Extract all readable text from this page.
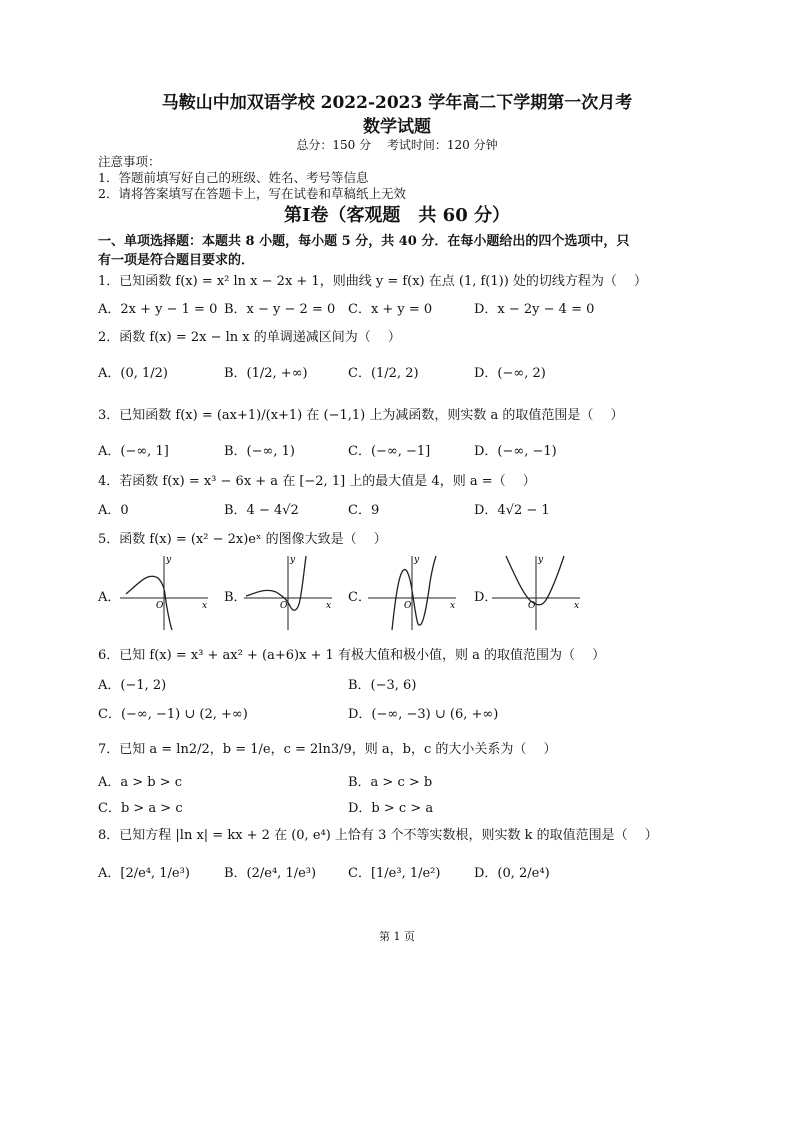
马鞍山中加双语学校 2022-2023 学年高二下学期第一次月考
数学试题
总分：150 分　 考试时间：120 分钟
注意事项：
1．答题前填写好自己的班级、姓名、考号等信息
2．请将答案填写在答题卡上，写在试卷和草稿纸上无效
第I卷（客观题　共 60 分）
一、单项选择题：本题共 8 小题，每小题 5 分，共 40 分．在每小题给出的四个选项中，只
有一项是符合题目要求的．
1．已知函数 f(x) = x² ln x − 2x + 1，则曲线 y = f(x) 在点 (1, f(1)) 处的切线方程为（　 ）
A．2x + y − 1 = 0 B．x − y − 2 = 0 C．x + y = 0	D．x − 2y − 4 = 0
2．函数 f(x) = 2x − ln x 的单调递减区间为（　 ）
A．(0, 1/2)	B．(1/2, +∞)	C．(1/2, 2)	D．(−∞, 2)
3．已知函数 f(x) = (ax+1)/(x+1) 在 (−1,1) 上为减函数，则实数 a 的取值范围是（　 ）
A．(−∞, 1]	B．(−∞, 1)	C．(−∞, −1]	D．(−∞, −1)
4．若函数 f(x) = x³ − 6x + a 在 [−2, 1] 上的最大值是 4，则 a =（　 ）
A．0	B．4 − 4√2	C．9	D．4√2 − 1
5．函数 f(x) = (x² − 2x)eˣ 的图像大致是（　 ）
A．	B．	C．	D．
y
x
O
y
x
O
y
x
O
y
x
O
6．已知 f(x) = x³ + ax² + (a+6)x + 1 有极大值和极小值，则 a 的取值范围为（　 ）
A．(−1, 2)	B．(−3, 6)
C．(−∞, −1) ∪ (2, +∞)	D．(−∞, −3) ∪ (6, +∞)
7．已知 a = ln2/2，b = 1/e，c = 2ln3/9，则 a，b，c 的大小关系为（　 ）
A．a > b > c	B．a > c > b
C．b > a > c	D．b > c > a
8．已知方程 |ln x| = kx + 2 在 (0, e⁴) 上恰有 3 个不等实数根，则实数 k 的取值范围是（　 ）
A．[2/e⁴, 1/e³)	B．(2/e⁴, 1/e³) C．[1/e³, 1/e²)	D．(0, 2/e⁴)
第 1 页
